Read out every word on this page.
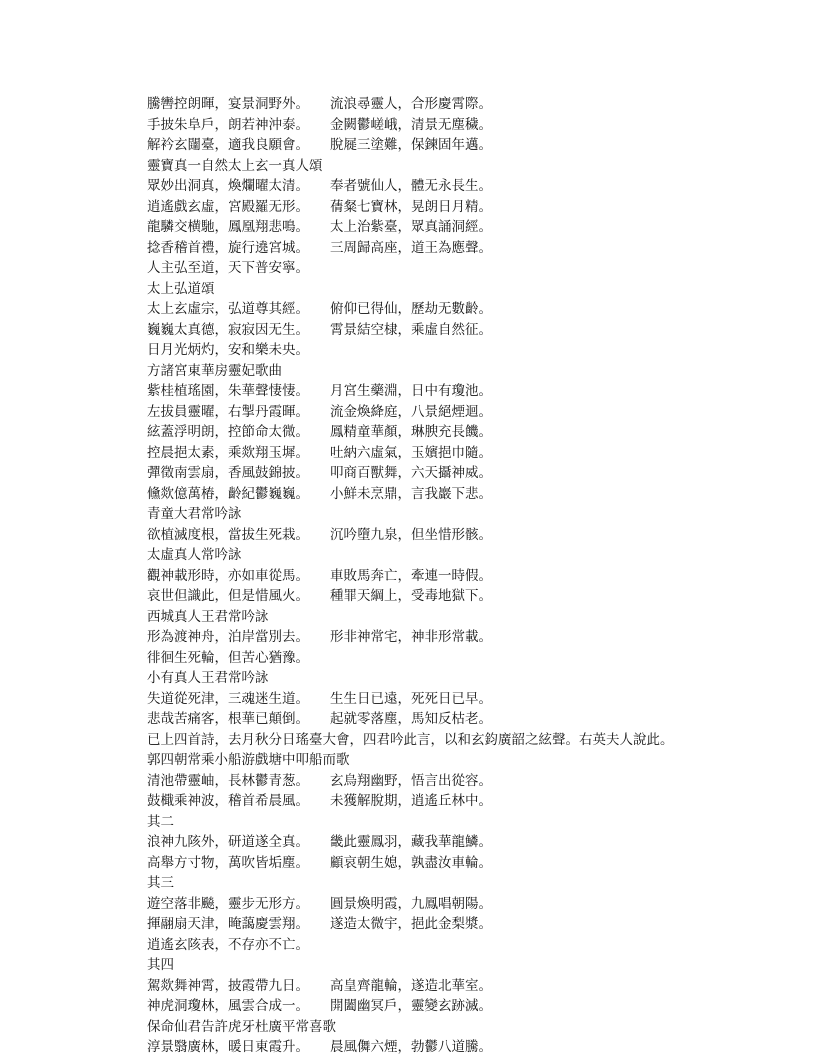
騰轡控朗暉，宴景洞野外。 流浪尋靈人，合形慶霄際。
手披朱阜戶，朗若神沖泰。 金闕鬱嵯峨，清景无塵穢。
解衿玄闥臺，適我良願會。 脫屣三塗難，保鍊固年邁。
靈寶真一自然太上玄一真人頌
眾妙出洞真，煥爛曜太清。 奉者號仙人，體无永長生。
逍遙戲玄虛，宮殿羅无形。 蒨粲七寶林，晃朗日月精。
龍驎交横馳，鳳凰翔悲鳴。 太上治紫臺，眾真誦洞經。
捻香稽首禮，旋行遶宮城。 三周歸高座，道王為應聲。
人主弘至道，天下普安寧。
太上弘道頌
太上玄虛宗，弘道尊其經。 俯仰已得仙，歷劫无數齡。
巍巍太真德，寂寂因无生。 霄景結空棣，乘虛自然征。
日月光炳灼，安和樂未央。
方諸宮東華房靈妃歌曲
紫桂植瑤園，朱華聲悽悽。 月宮生藥淵，日中有瓊池。
左拔員靈曜，右掣丹霞暉。 流金煥絳庭，八景絕煙迴。
絃蓋浮明朗，控節命太微。 鳳精童華顏，琳腴充長饑。
控晨挹太素，乘欻翔玉墀。 吐納六虛氣，玉嬪挹巾隨。
彈徵南雲扇，香風鼓錦披。 叩商百獸舞，六天攝神威。
儵欻億萬椿，齡紀鬱巍巍。 小鮮未烹鼎，言我巖下悲。
青童大君常吟詠
欲植滅度根，當拔生死栽。 沉吟墮九泉，但坐惜形骸。
太虛真人常吟詠
觀神載形時，亦如車從馬。 車敗馬奔亡，牽連一時假。
哀世但識此，但是惜風火。 種罪天綱上，受毒地獄下。
西城真人王君常吟詠
形為渡神舟，泊岸當別去。 形非神常宅，神非形常載。
徘徊生死輪，但苦心猶豫。
小有真人王君常吟詠
失道從死津，三魂迷生道。 生生日已遠，死死日已早。
悲哉苦痛客，根華已顛倒。 起就零落塵，馬知反枯老。
已上四首詩，去月秋分日瑤臺大會，四君吟此言，以和玄鈞廣韶之絃聲。右英夫人說此。
郭四朝常乘小船游戲塘中叩船而歌
清池帶靈岫，長林鬱青葱。 玄烏翔幽野，悟言出從容。
鼓檝乘神波，稽首希晨風。 未獲解脫期，逍遙丘林中。
其二
浪神九陔外，研道遂全真。 畿此靈鳳羽，藏我華龍鱗。
高舉方寸物，萬吹皆垢塵。 顧哀朝生媳，孰盡汝車輪。
其三
遊空落非飈，靈步无形方。 圓景煥明霞，九鳳唱朝陽。
揮翮扇天津，晻藹慶雲翔。 遂造太微宇，挹此金梨漿。
逍遙玄陔表，不存亦不亡。
其四
駕欻舞神霄，披霞帶九日。 高皇齊龍輪，遂造北華室。
神虎洞瓊林，風雲合成一。 開闔幽冥戶，靈變玄跡滅。
保命仙君告許虎牙杜廣平常喜歌
淳景翳廣林，暖日東霞升。 晨風儛六煙，勃鬱八道騰。
